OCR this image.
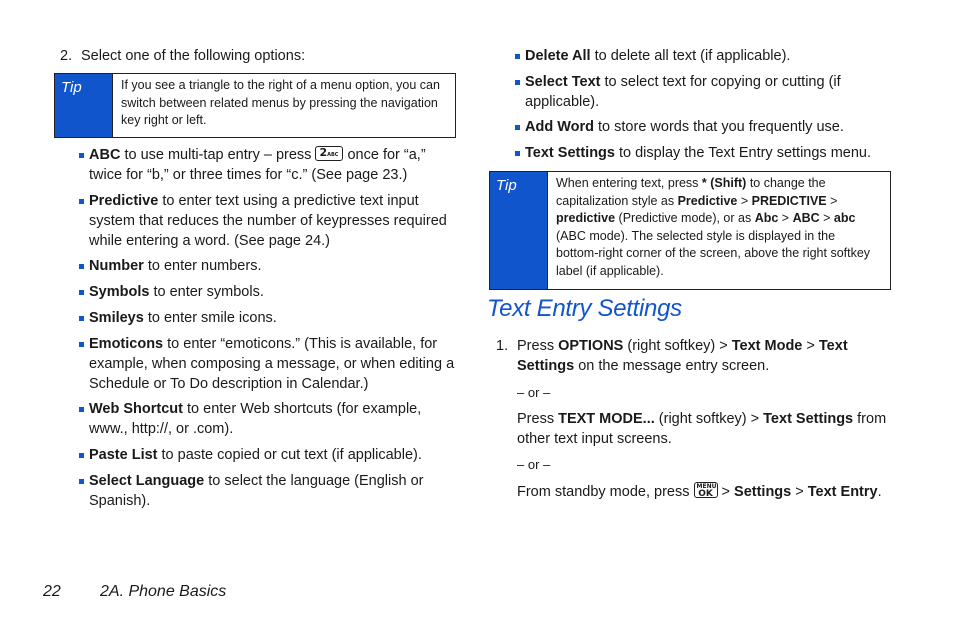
2. Select one of the following options:
Tip	If you see a triangle to the right of a menu option, you can switch between related menus by pressing the navigation key right or left.
ABC to use multi-tap entry – press 2ABC once for “a,” twice for “b,” or three times for “c.” (See page 23.)
Predictive to enter text using a predictive text input system that reduces the number of keypresses required while entering a word. (See page 24.)
Number to enter numbers.
Symbols to enter symbols.
Smileys to enter smile icons.
Emoticons to enter “emoticons.” (This is available, for example, when composing a message, or when editing a Schedule or To Do description in Calendar.)
Web Shortcut to enter Web shortcuts (for example, www., http://, or .com).
Paste List to paste copied or cut text (if applicable).
Select Language to select the language (English or Spanish).
Delete All to delete all text (if applicable).
Select Text to select text for copying or cutting (if applicable).
Add Word to store words that you frequently use.
Text Settings to display the Text Entry settings menu.
Tip	When entering text, press * (Shift) to change the capitalization style as Predictive > PREDICTIVE > predictive (Predictive mode), or as Abc > ABC > abc (ABC mode). The selected style is displayed in the bottom-right corner of the screen, above the right softkey label (if applicable).
Text Entry Settings
1. Press OPTIONS (right softkey) > Text Mode > Text Settings on the message entry screen.
– or –
Press TEXT MODE... (right softkey) > Text Settings from other text input screens.
– or –
From standby mode, press MENU
OK > Settings > Text Entry.
22 2A. Phone Basics
